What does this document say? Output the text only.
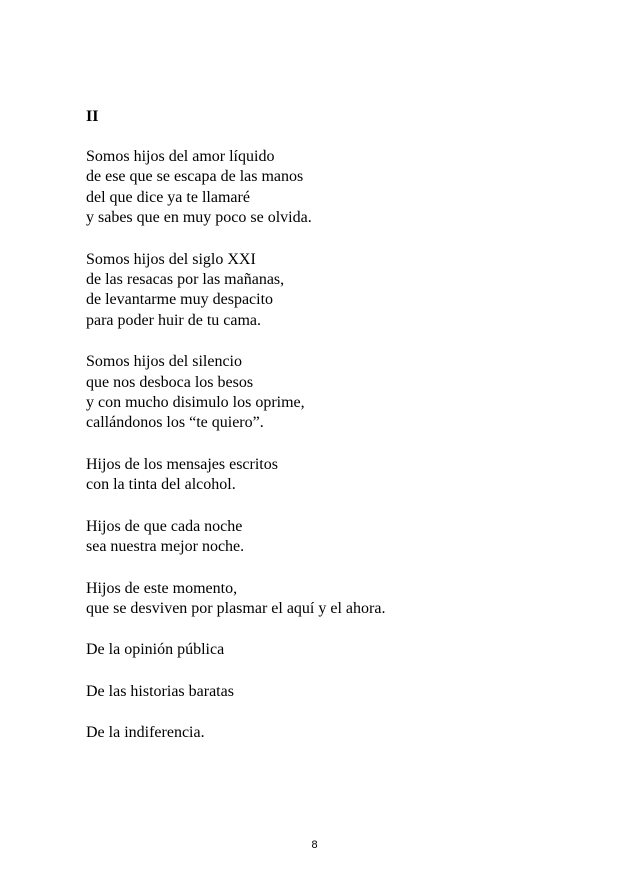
II
Somos hijos del amor líquido
de ese que se escapa de las manos
del que dice ya te llamaré
y sabes que en muy poco se olvida.
Somos hijos del siglo XXI
de las resacas por las mañanas,
de levantarme muy despacito
para poder huir de tu cama.
Somos hijos del silencio
que nos desboca los besos
y con mucho disimulo los oprime,
callándonos los “te quiero”.
Hijos de los mensajes escritos
con la tinta del alcohol.
Hijos de que cada noche
sea nuestra mejor noche.
Hijos de este momento,
que se desviven por plasmar el aquí y el ahora.
De la opinión pública
De las historias baratas
De la indiferencia.
8
